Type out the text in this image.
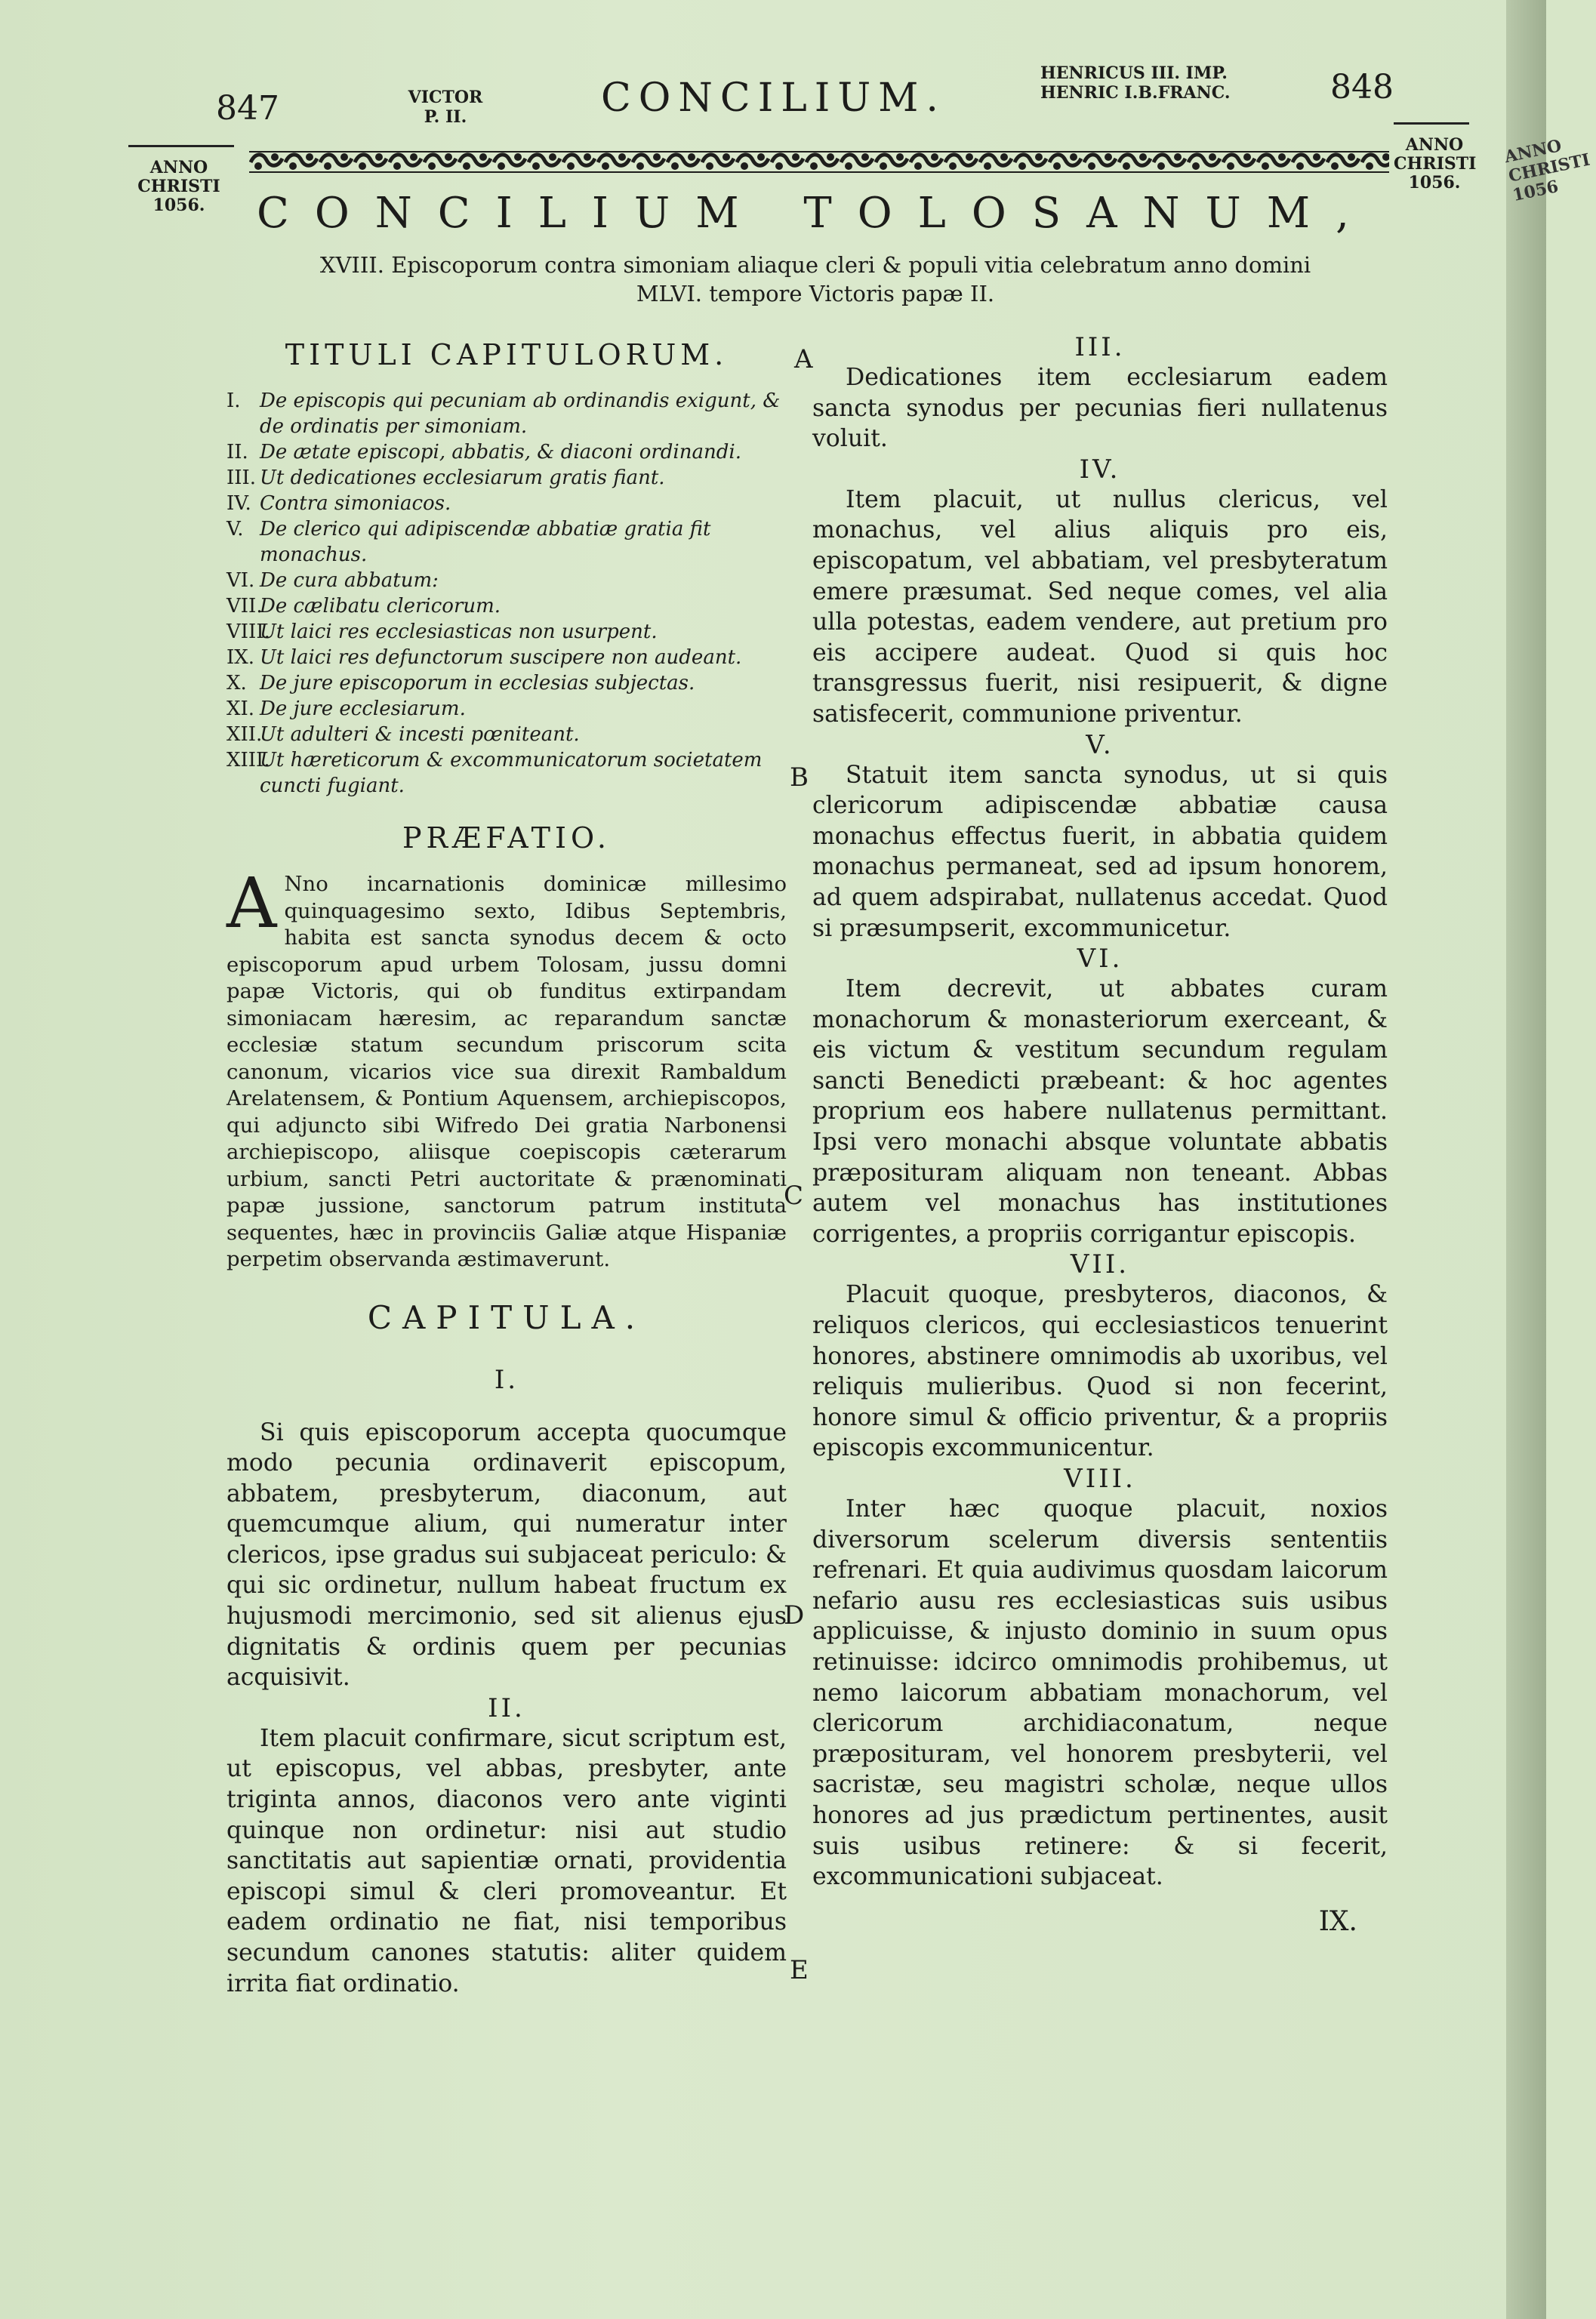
ANNO
CHRISTI
1056
847	VICTOR
P. II.	CONCILIUM.
HENRICUS III. IMP.
HENRIC I.B.FRANC.	848
ANNO
CHRISTI
1056.
ANNO
CHRISTI
1056.
CONCILIUM TOLOSANUM,
XVIII. Episcoporum contra simoniam aliaque cleri & populi vitia celebratum anno domini
MLVI. tempore Victoris papæ II.
A
B
C
D
E
TITULI CAPITULORUM.
I. De episcopis qui pecuniam ab ordinandis exigunt, & de ordinatis per simoniam.
II. De ætate episcopi, abbatis, & diaconi ordinandi.
III. Ut dedicationes ecclesiarum gratis fiant.
IV. Contra simoniacos.
V. De clerico qui adipiscendæ abbatiæ gratia fit monachus.
VI. De cura abbatum:
VII.De cælibatu clericorum.
VIII.Ut laici res ecclesiasticas non usurpent.
IX. Ut laici res defunctorum suscipere non audeant.
X. De jure episcoporum in ecclesias subjectas.
XI. De jure ecclesiarum.
XII.Ut adulteri & incesti pœniteant.
XIII.Ut hæreticorum & excommunicatorum societatem cuncti fugiant.
PRÆFATIO.
A Nno incarnationis dominicæ millesimo quinquagesimo sexto, Idibus Septembris, habita est sancta synodus decem & octo episcoporum apud urbem Tolosam, jussu domni papæ Victoris, qui ob funditus extirpandam simoniacam hæresim, ac reparandum sanctæ ecclesiæ statum secundum priscorum scita canonum, vicarios vice sua direxit Rambaldum Arelatensem, & Pontium Aquensem, archiepiscopos, qui adjuncto sibi Wifredo Dei gratia Narbonensi archiepiscopo, aliisque coepiscopis cæterarum urbium, sancti Petri auctoritate & prænominati papæ jussione, sanctorum patrum instituta sequentes, hæc in provinciis Galiæ atque Hispaniæ perpetim observanda æstimaverunt.
CAPITULA.
I.
Si quis episcoporum accepta quocumque modo pecunia ordinaverit episcopum, abbatem, presbyterum, diaconum, aut quemcumque alium, qui numeratur inter clericos, ipse gradus sui subjaceat periculo: & qui sic ordinetur, nullum habeat fructum ex hujusmodi mercimonio, sed sit alienus ejus dignitatis & ordinis quem per pecunias acquisivit.
II.
Item placuit confirmare, sicut scriptum est, ut episcopus, vel abbas, presbyter, ante triginta annos, diaconos vero ante viginti quinque non ordinetur: nisi aut studio sanctitatis aut sapientiæ ornati, providentia episcopi simul & cleri promoveantur. Et eadem ordinatio ne fiat, nisi temporibus secundum canones statutis: aliter quidem irrita fiat ordinatio.
III.
Dedicationes item ecclesiarum eadem sancta synodus per pecunias fieri nullatenus voluit.
IV.
Item placuit, ut nullus clericus, vel monachus, vel alius aliquis pro eis, episcopatum, vel abbatiam, vel presbyteratum emere præsumat. Sed neque comes, vel alia ulla potestas, eadem vendere, aut pretium pro eis accipere audeat. Quod si quis hoc transgressus fuerit, nisi resipuerit, & digne satisfecerit, communione priventur.
V.
Statuit item sancta synodus, ut si quis clericorum adipiscendæ abbatiæ causa monachus effectus fuerit, in abbatia quidem monachus permaneat, sed ad ipsum honorem, ad quem adspirabat, nullatenus accedat. Quod si præsumpserit, excommunicetur.
VI.
Item decrevit, ut abbates curam monachorum & monasteriorum exerceant, & eis victum & vestitum secundum regulam sancti Benedicti præbeant: & hoc agentes proprium eos habere nullatenus permittant. Ipsi vero monachi absque voluntate abbatis præposituram aliquam non teneant. Abbas autem vel monachus has institutiones corrigentes, a propriis corrigantur episcopis.
VII.
Placuit quoque, presbyteros, diaconos, & reliquos clericos, qui ecclesiasticos tenuerint honores, abstinere omnimodis ab uxoribus, vel reliquis mulieribus. Quod si non fecerint, honore simul & officio priventur, & a propriis episcopis excommunicentur.
VIII.
Inter hæc quoque placuit, noxios diversorum scelerum diversis sententiis refrenari. Et quia audivimus quosdam laicorum nefario ausu res ecclesiasticas suis usibus applicuisse, & injusto dominio in suum opus retinuisse: idcirco omnimodis prohibemus, ut nemo laicorum abbatiam monachorum, vel clericorum archidiaconatum, neque præposituram, vel honorem presbyterii, vel sacristæ, seu magistri scholæ, neque ullos honores ad jus prædictum pertinentes, ausit suis usibus retinere: & si fecerit, excommunicationi subjaceat.
IX.
